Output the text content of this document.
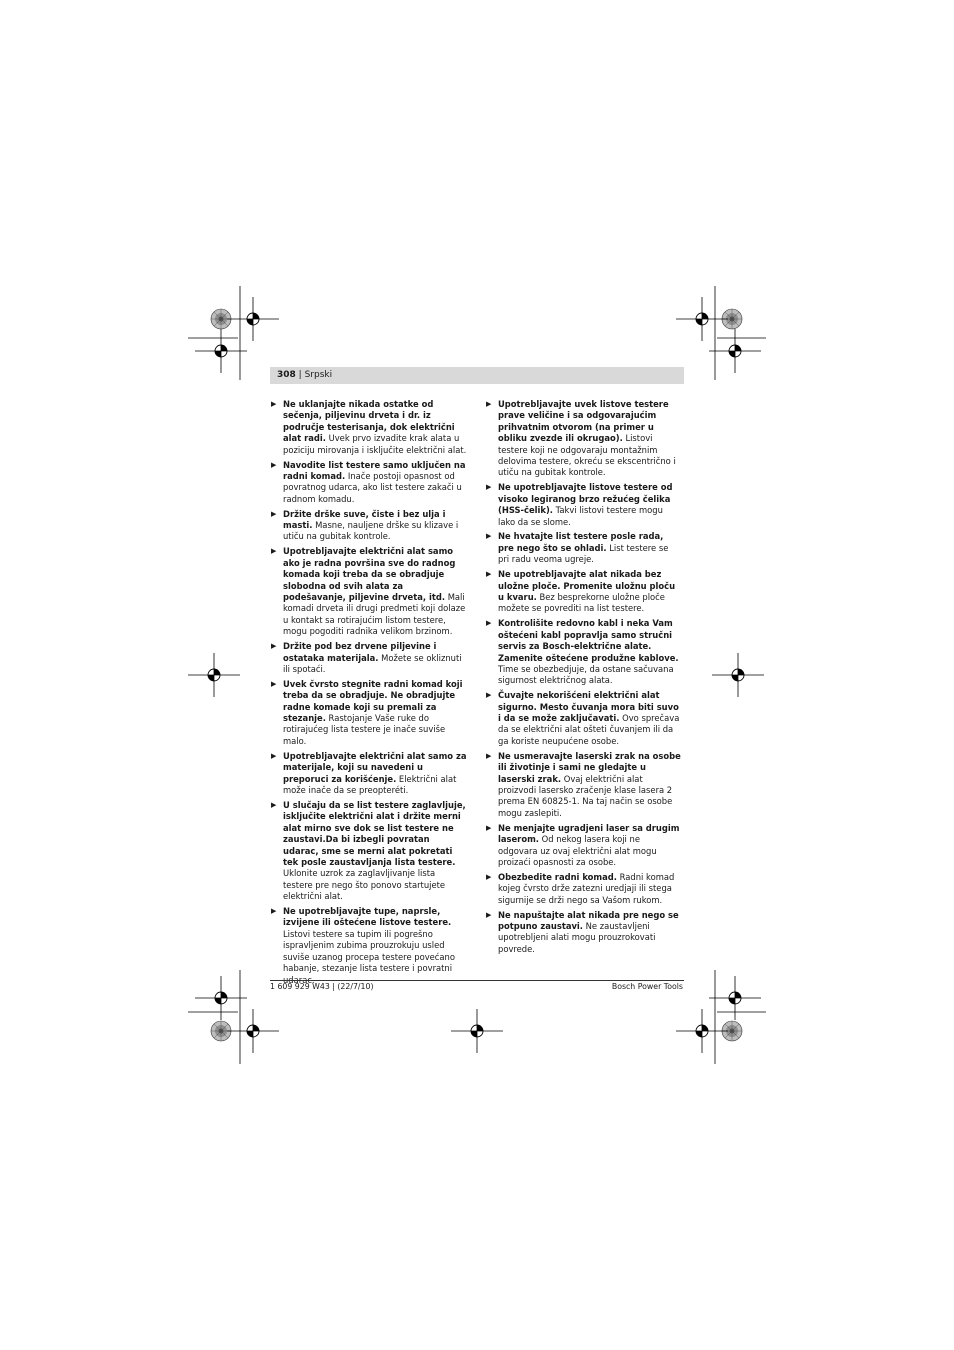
308 | Srpski
▶ Ne uklanjajte nikada ostatke od sečenja, piljevinu drveta i dr. iz područje testerisanja, dok električni alat radi. Uvek prvo izvadite krak alata u poziciju mirovanja i isključite električni alat.
▶ Navodite list testere samo uključen na radni komad. Inače postoji opasnost od povratnog udarca, ako list testere zakači u radnom komadu.
▶ Držite drške suve, čiste i bez ulja i masti. Masne, nauljene drške su klizave i utiču na gubitak kontrole.
▶ Upotrebljavajte električni alat samo ako je radna površina sve do radnog komada koji treba da se obradjuje slobodna od svih alata za podešavanje, piljevine drveta, itd. Mali komadi drveta ili drugi predmeti koji dolaze u kontakt sa rotirajućim listom testere, mogu pogoditi radnika velikom brzinom.
▶ Držite pod bez drvene piljevine i ostataka materijala. Možete se okliznuti ili spotaći.
▶ Uvek čvrsto stegnite radni komad koji treba da se obradjuje. Ne obradjujte radne komade koji su premali za stezanje. Rastojanje Vaše ruke do rotirajućeg lista testere je inače suviše malo.
▶ Upotrebljavajte električni alat samo za materijale, koji su navedeni u preporuci za korišćenje. Električni alat može inače da se preopteréti.
▶ U slučaju da se list testere zaglavljuje, isključite električni alat i držite merni alat mirno sve dok se list testere ne zaustavi.Da bi izbegli povratan udarac, sme se merni alat pokretati tek posle zaustavljanja lista testere. Uklonite uzrok za zaglavljivanje lista testere pre nego što ponovo startujete električni alat.
▶ Ne upotrebljavajte tupe, naprsle, izvijene ili oštećene listove testere. Listovi testere sa tupim ili pogrešno ispravljenim zubima prouzrokuju usled suviše uzanog procepa testere povećano habanje, stezanje lista testere i povratni udarac.
▶ Upotrebljavajte uvek listove testere prave veličine i sa odgovarajućim prihvatnim otvorom (na primer u obliku zvezde ili okrugao). Listovi testere koji ne odgovaraju montažnim delovima testere, okreću se ekscentrično i utiču na gubitak kontrole.
▶ Ne upotrebljavajte listove testere od visoko legiranog brzo režućeg čelika (HSS-čelik). Takvi listovi testere mogu lako da se slome.
▶ Ne hvatajte list testere posle rada, pre nego što se ohladi. List testere se pri radu veoma ugreje.
▶ Ne upotrebljavajte alat nikada bez uložne ploče. Promenite uložnu ploču u kvaru. Bez besprekorne uložne ploče možete se povrediti na list testere.
▶ Kontrolišite redovno kabl i neka Vam oštećeni kabl popravlja samo stručni servis za Bosch-električne alate. Zamenite oštećene produžne kablove. Time se obezbedjuje, da ostane sačuvana sigurnost električnog alata.
▶ Čuvajte nekorišćeni električni alat sigurno. Mesto čuvanja mora biti suvo i da se može zaključavati. Ovo sprečava da se električni alat ošteti čuvanjem ili da ga koriste neupućene osobe.
▶ Ne usmeravajte laserski zrak na osobe ili životinje i sami ne gledajte u laserski zrak. Ovaj električni alat proizvodi lasersko zračenje klase lasera 2 prema EN 60825-1. Na taj način se osobe mogu zaslepiti.
▶ Ne menjajte ugradjeni laser sa drugim laserom. Od nekog lasera koji ne odgovara uz ovaj električni alat mogu proizaći opasnosti za osobe.
▶ Obezbedite radni komad. Radni komad kojeg čvrsto drže zatezni uredjaji ili stega sigurnije se drži nego sa Vašom rukom.
▶ Ne napuštajte alat nikada pre nego se potpuno zaustavi. Ne zaustavljeni upotrebljeni alati mogu prouzrokovati povrede.
1 609 929 W43 | (22/7/10)	Bosch Power Tools
